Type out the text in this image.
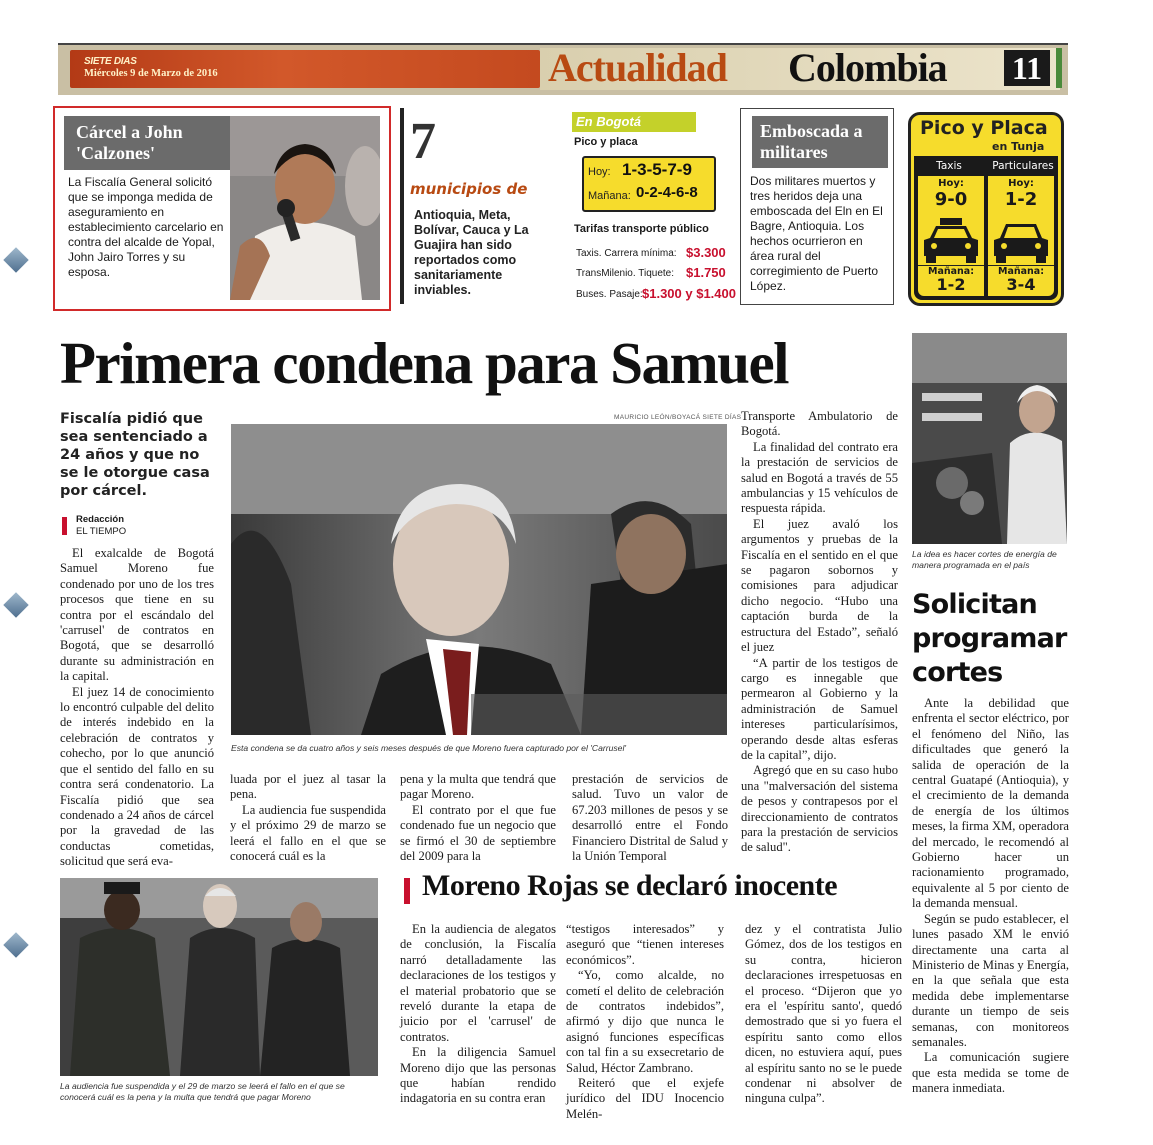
SIETE DIAS
Miércoles 9 de Marzo de 2016	Actualidad Colombia 11
Cárcel a John 'Calzones'
La Fiscalía General solicitó que se imponga medida de aseguramiento en establecimiento carcelario en contra del alcalde de Yopal, John Jairo Torres y su esposa.
7
municipios de
Antioquia, Meta, Bolívar, Cauca y La Guajira han sido reportados como sanitariamente inviables.
En Bogotá
Pico y placa
Hoy: 1-3-5-7-9
Mañana: 0-2-4-6-8
Tarifas transporte público
Taxis. Carrera mínima: $3.300
TransMilenio. Tiquete: $1.750
Buses. Pasaje: $1.300 y $1.400
Emboscada a militares
Dos militares muertos y tres heridos deja una emboscada del Eln en El Bagre, Antioquia. Los hechos ocurrieron en área rural del corregimiento de Puerto López.
Pico y Placa
en Tunja
Taxis	Particulares
Hoy:
9-0
Hoy:
1-2
Mañana:
1-2
Mañana:
3-4
Primera condena para Samuel
Fiscalía pidió que sea sentenciado a 24 años y que no se le otorgue casa por cárcel.
Redacción
EL TIEMPO
MAURICIO LEÓN/BOYACÁ SIETE DÍAS
Esta condena se da cuatro años y seis meses después de que Moreno fuera capturado por el 'Carrusel'

El exalcalde de Bogotá Samuel Moreno fue condenado por uno de los tres procesos que tiene en su contra por el escándalo del 'carrusel' de contratos en Bogotá, que se desarrolló durante su administración en la capital.

El juez 14 de conocimiento lo encontró culpable del delito de interés indebido en la celebración de contratos y cohecho, por lo que anunció que el sentido del fallo en su contra será condenatorio. La Fiscalía pidió que sea condenado a 24 años de cárcel por la gravedad de las conductas cometidas, solicitud que será eva-

luada por el juez al tasar la pena.

La audiencia fue suspendida y el próximo 29 de marzo se leerá el fallo en el que se conocerá cuál es la

pena y la multa que tendrá que pagar Moreno.

El contrato por el que fue condenado fue un negocio que se firmó el 30 de septiembre del 2009 para la

prestación de servicios de salud. Tuvo un valor de 67.203 millones de pesos y se desarrolló entre el Fondo Financiero Distrital de Salud y la Unión Temporal

Transporte Ambulatorio de Bogotá.

La finalidad del contrato era la prestación de servicios de salud en Bogotá a través de 55 ambulancias y 15 vehículos de respuesta rápida.

El juez avaló los argumentos y pruebas de la Fiscalía en el sentido en el que se pagaron sobornos y comisiones para adjudicar dicho negocio. “Hubo una captación burda de la estructura del Estado”, señaló el juez

“A partir de los testigos de cargo es innegable que permearon al Gobierno y la administración de Samuel intereses particularísimos, operando desde altas esferas de la capital”, dijo.

Agregó que en su caso hubo una "malversación del sistema de pesos y contrapesos por el direccionamiento de contratos para la prestación de servicios de salud".

La audiencia fue suspendida y el 29 de marzo se leerá el fallo en el que se conocerá cuál es la pena y la multa que tendrá que pagar Moreno
Moreno Rojas se declaró inocente

En la audiencia de alegatos de conclusión, la Fiscalía narró detalladamente las declaraciones de los testigos y el material probatorio que se reveló durante la etapa de juicio por el 'carrusel' de contratos.

En la diligencia Samuel Moreno dijo que las personas que habían rendido indagatoria en su contra eran

“testigos interesados” y aseguró que “tienen intereses económicos”.

“Yo, como alcalde, no cometí el delito de celebración de contratos indebidos”, afirmó y dijo que nunca le asignó funciones específicas con tal fin a su exsecretario de Salud, Héctor Zambrano.

Reiteró que el exjefe jurídico del IDU Inocencio Melén-

dez y el contratista Julio Gómez, dos de los testigos en su contra, hicieron declaraciones irrespetuosas en el proceso. “Dijeron que yo era el 'espíritu santo', quedó demostrado que si yo fuera el espíritu santo como ellos dicen, no estuviera aquí, pues al espíritu santo no se le puede condenar ni absolver de ninguna culpa”.

La idea es hacer cortes de energía de manera programada en el país
Solicitan programar cortes

Ante la debilidad que enfrenta el sector eléctrico, por el fenómeno del Niño, las dificultades que generó la salida de operación de la central Guatapé (Antioquia), y el crecimiento de la demanda de energía de los últimos meses, la firma XM, operadora del mercado, le recomendó al Gobierno hacer un racionamiento programado, equivalente al 5 por ciento de la demanda mensual.

Según se pudo establecer, el lunes pasado XM le envió directamente una carta al Ministerio de Minas y Energía, en la que señala que esta medida debe implementarse durante un tiempo de seis semanas, con monitoreos semanales.

La comunicación sugiere que esta medida se tome de manera inmediata.
